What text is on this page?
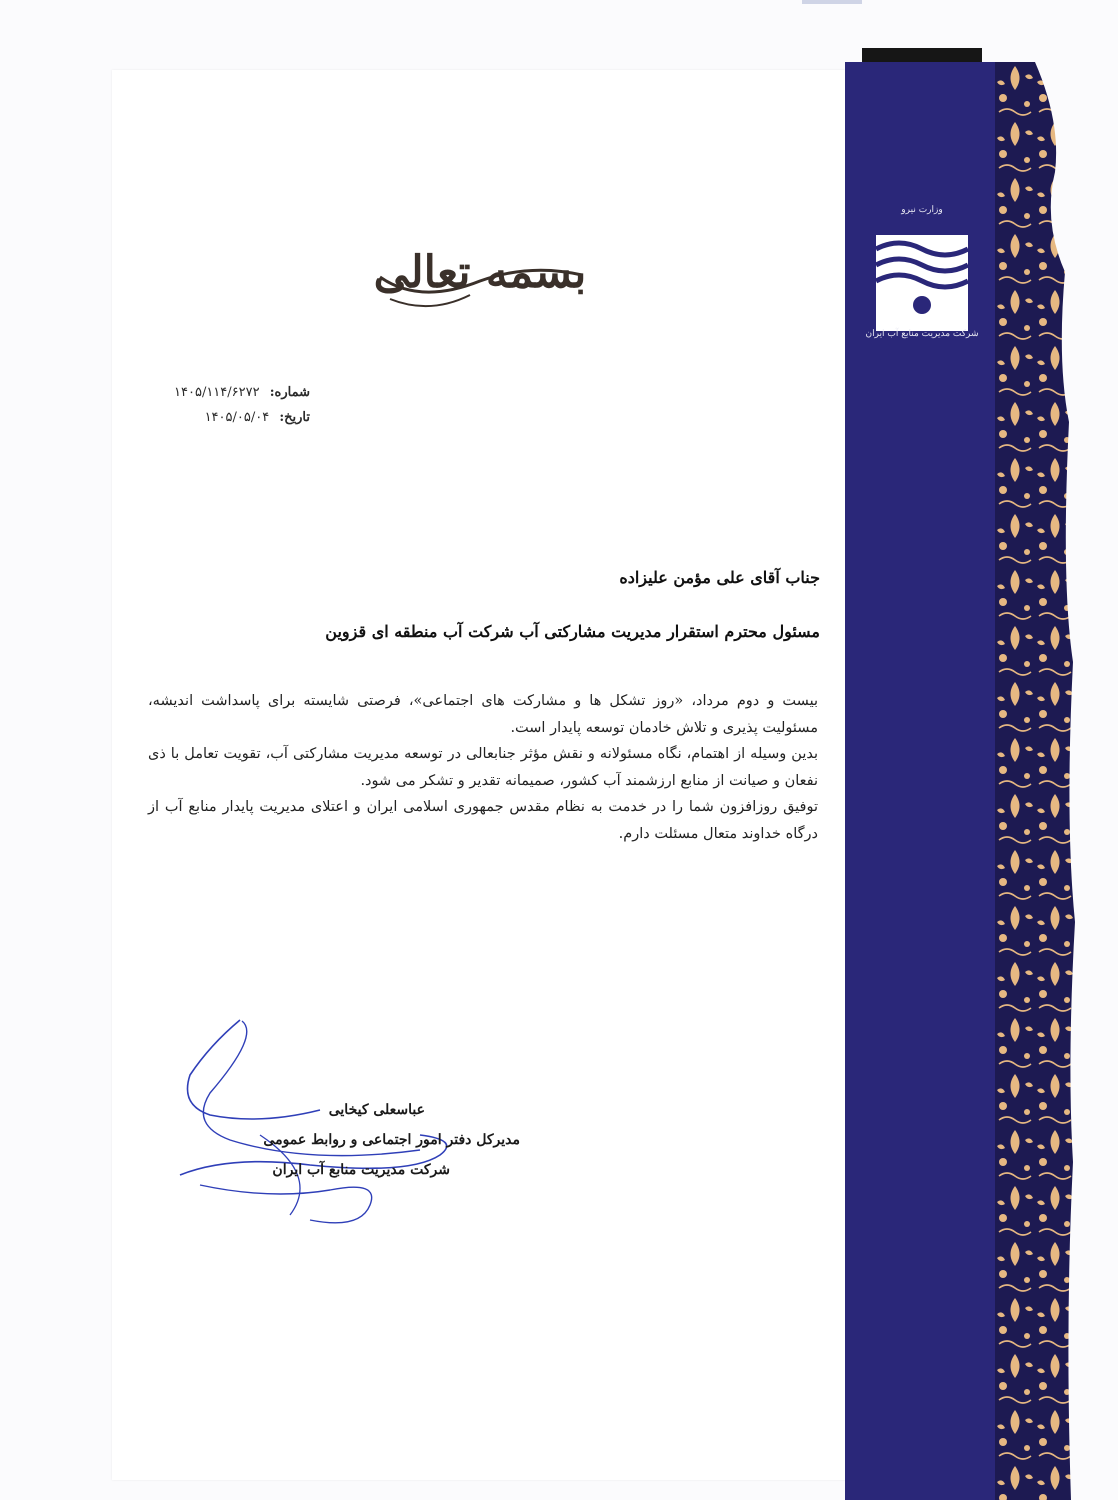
وزارت نیرو
شرکت مدیریت منابع آب ایران
بسمه تعالی
شماره: ۱۴۰۵/۱۱۴/۶۲۷۲
تاریخ: ۱۴۰۵/۰۵/۰۴
جناب آقای علی مؤمن علیزاده
مسئول محترم استقرار مدیریت مشارکتی آب شرکت آب منطقه ای قزوین

بیست و دوم مرداد، «روز تشکل ها و مشارکت های اجتماعی»، فرصتی شایسته برای پاسداشت اندیشه، مسئولیت پذیری و تلاش خادمان توسعه پایدار است.

بدین وسیله از اهتمام، نگاه مسئولانه و نقش مؤثر جنابعالی در توسعه مدیریت مشارکتی آب، تقویت تعامل با ذی نفعان و صیانت از منابع ارزشمند آب کشور، صمیمانه تقدیر و تشکر می شود.

توفیق روزافزون شما را در خدمت به نظام مقدس جمهوری اسلامی ایران و اعتلای مدیریت پایدار منابع آب از درگاه خداوند متعال مسئلت دارم.

عباسعلی کیخایی
مدیرکل دفتر امور اجتماعی و روابط عمومی
شرکت مدیریت منابع آب ایران
